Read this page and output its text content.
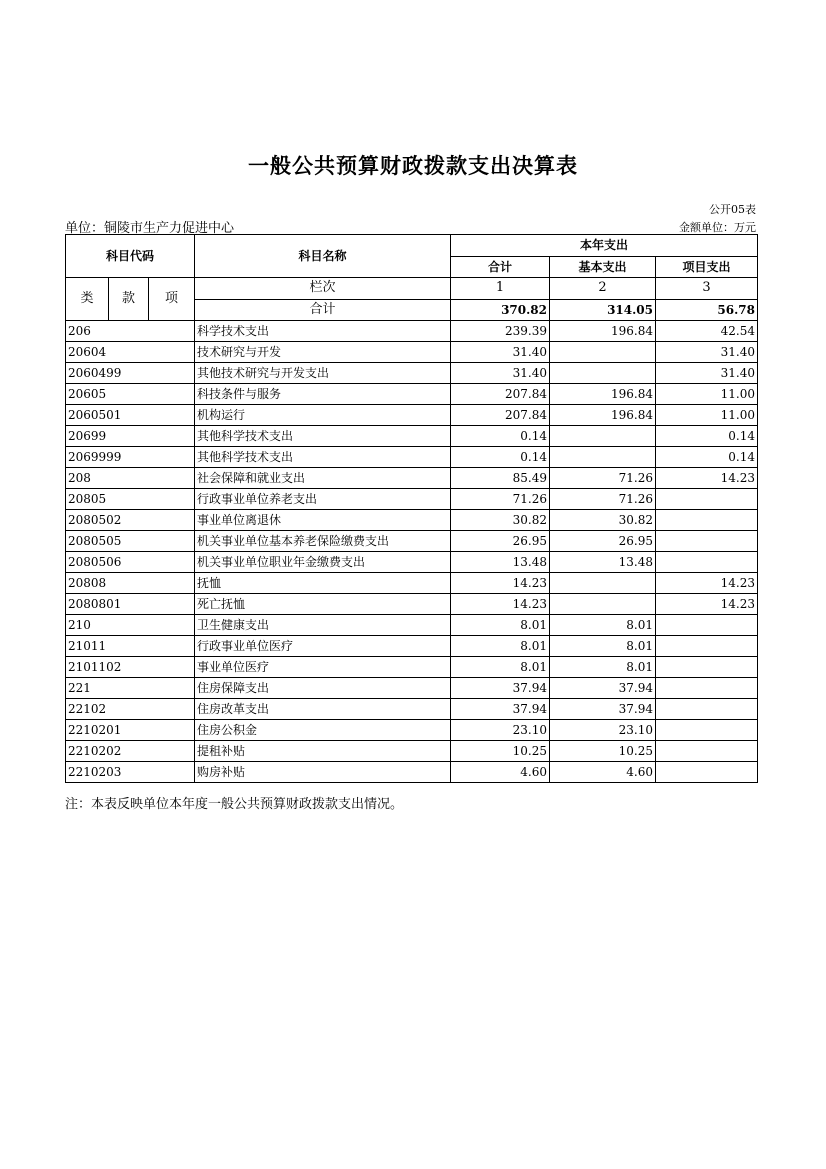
一般公共预算财政拨款支出决算表
公开05表
单位：铜陵市生产力促进中心	金额单位：万元
科目代码			科目名称	本年支出		
				合计	基本支出	项目支出
类	款	项	栏次	1	2	3
			合计	370.82	314.05	56.78
206			科学技术支出	239.39	196.84	42.54
20604			技术研究与开发	31.40		31.40
2060499			其他技术研究与开发支出	31.40		31.40
20605			科技条件与服务	207.84	196.84	11.00
2060501			机构运行	207.84	196.84	11.00
20699			其他科学技术支出	0.14		0.14
2069999			其他科学技术支出	0.14		0.14
208			社会保障和就业支出	85.49	71.26	14.23
20805			行政事业单位养老支出	71.26	71.26	
2080502			事业单位离退休	30.82	30.82	
2080505			机关事业单位基本养老保险缴费支出	26.95	26.95	
2080506			机关事业单位职业年金缴费支出	13.48	13.48	
20808			抚恤	14.23		14.23
2080801			死亡抚恤	14.23		14.23
210			卫生健康支出	8.01	8.01	
21011			行政事业单位医疗	8.01	8.01	
2101102			事业单位医疗	8.01	8.01	
221			住房保障支出	37.94	37.94	
22102			住房改革支出	37.94	37.94	
2210201			住房公积金	23.10	23.10	
2210202			提租补贴	10.25	10.25	
2210203			购房补贴	4.60	4.60	
注：本表反映单位本年度一般公共预算财政拨款支出情况。
